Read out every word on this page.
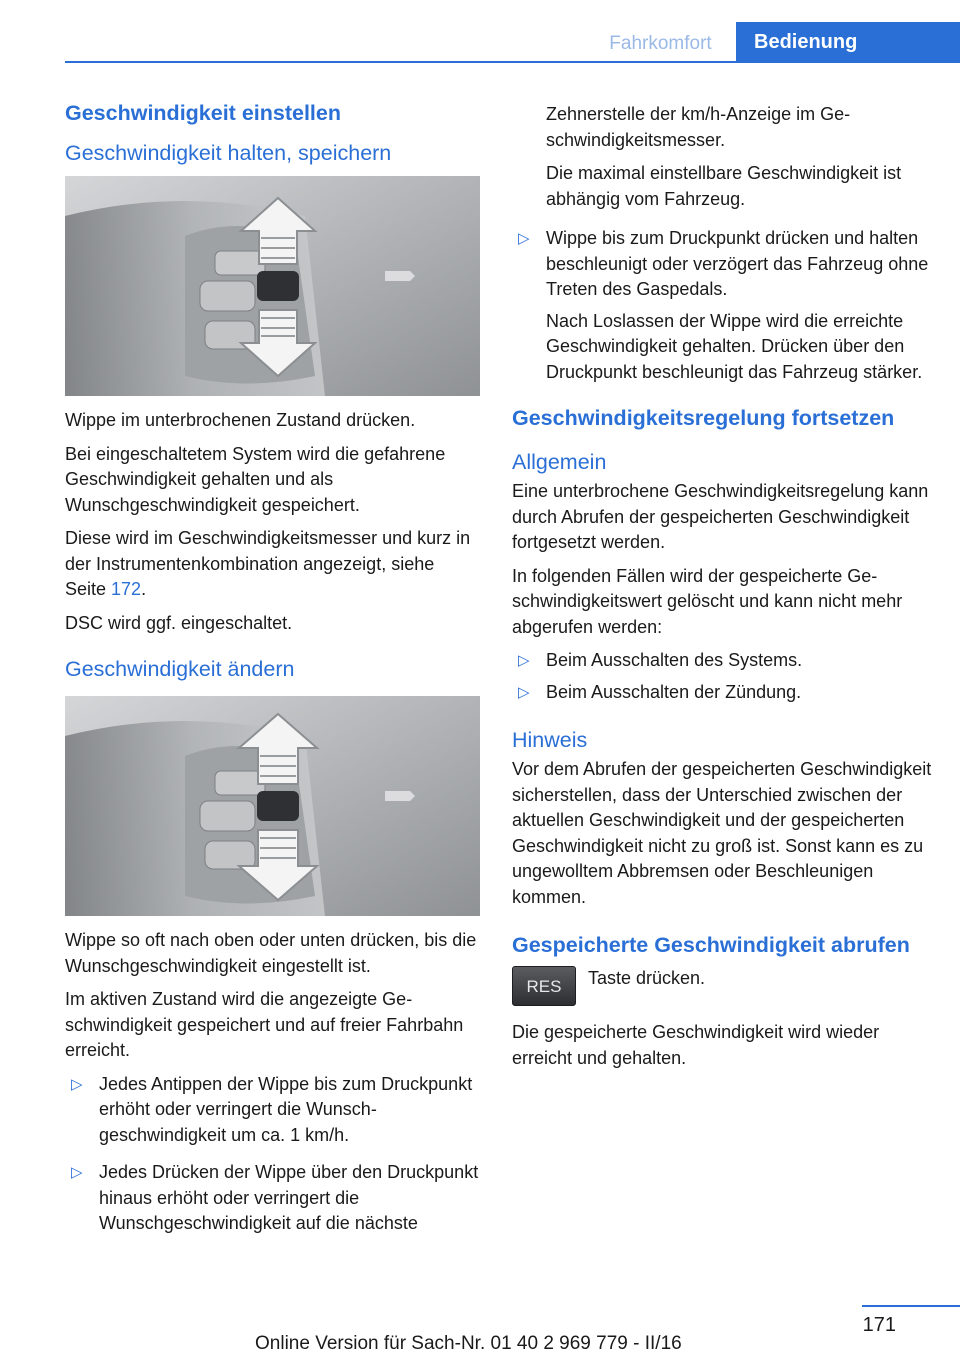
Fahrkomfort	Bedienung
Geschwindigkeit einstellen
Geschwindigkeit halten, speichern

Wippe im unterbrochenen Zustand drücken.

Bei eingeschaltetem System wird die gefahrene Geschwindigkeit gehalten und als Wunschgeschwindigkeit gespeichert.

Diese wird im Geschwindigkeitsmesser und kurz in der Instrumentenkombination angezeigt, siehe Seite 172.

DSC wird ggf. eingeschaltet.

Geschwindigkeit ändern

Wippe so oft nach oben oder unten drücken, bis die Wunschgeschwindigkeit eingestellt ist.

Im aktiven Zustand wird die angezeigte Geschwindigkeit gespeichert und auf freier Fahrbahn erreicht.

▷ Jedes Antippen der Wippe bis zum Druckpunkt erhöht oder verringert die Wunschgeschwindigkeit um ca. 1 km/h.
▷ Jedes Drücken der Wippe über den Druckpunkt hinaus erhöht oder verringert die Wunschgeschwindigkeit auf die nächste

Zehnerstelle der km/h-Anzeige im Geschwindigkeitsmesser.

Die maximal einstellbare Geschwindigkeit ist abhängig vom Fahrzeug.

▷ Wippe bis zum Druckpunkt drücken und halten beschleunigt oder verzögert das Fahrzeug ohne Treten des Gaspedals.

Nach Loslassen der Wippe wird die erreichte Geschwindigkeit gehalten. Drücken über den Druckpunkt beschleunigt das Fahrzeug stärker.

Geschwindigkeitsregelung fortsetzen
Allgemein

Eine unterbrochene Geschwindigkeitsregelung kann durch Abrufen der gespeicherten Geschwindigkeit fortgesetzt werden.

In folgenden Fällen wird der gespeicherte Geschwindigkeitswert gelöscht und kann nicht mehr abgerufen werden:

▷ Beim Ausschalten des Systems.
▷ Beim Ausschalten der Zündung.
Hinweis

Vor dem Abrufen der gespeicherten Geschwindigkeit sicherstellen, dass der Unterschied zwischen der aktuellen Geschwindigkeit und der gespeicherten Geschwindigkeit nicht zu groß ist. Sonst kann es zu ungewolltem Abbremsen oder Beschleunigen kommen.

Gespeicherte Geschwindigkeit abrufen
RES	Taste drücken.

Die gespeicherte Geschwindigkeit wird wieder erreicht und gehalten.

171
Online Version für Sach-Nr. 01 40 2 969 779 - II/16
